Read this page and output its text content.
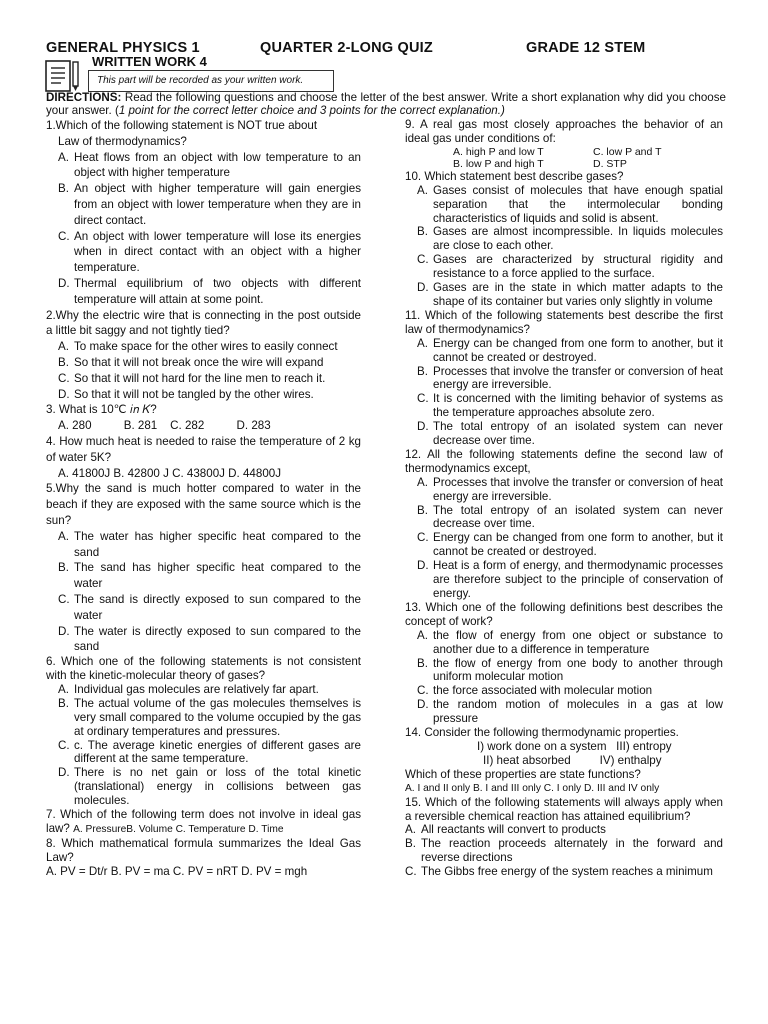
GENERAL PHYSICS 1	QUARTER 2-LONG QUIZ	GRADE 12 STEM
WRITTEN WORK 4
This part will be recorded as your written work.
DIRECTIONS: Read the following questions and choose the letter of the best answer. Write a short explanation why did you choose your answer. (1 point for the correct letter choice and 3 points for the correct explanation.)

1.Which of the following statement is NOT true about

Law of thermodynamics?

A. Heat flows from an object with low temperature to an object with higher temperature
B. An object with higher temperature will gain energies from an object with lower temperature when they are in direct contact.
C. An object with lower temperature will lose its energies when in direct contact with an object with a higher temperature.
D. Thermal equilibrium of two objects with different temperature will attain at some point.

2.Why the electric wire that is connecting in the post outside a little bit saggy and not tightly tied?

A. To make space for the other wires to easily connect
B. So that it will not break once the wire will expand
C. So that it will not hard for the line men to reach it.
D. So that it will not be tangled by the other wires.

3. What is 10℃ 𝑖𝑛 𝐾?

A. 280          B. 281    C. 282          D. 283

4. How much heat is needed to raise the temperature of 2 kg of water 5K?

A. 41800J B. 42800 J C. 43800J D. 44800J

5.Why the sand is much hotter compared to water in the beach if they are exposed with the same source which is the sun?

A. The water has higher specific heat compared to the sand
B. The sand has higher specific heat compared to the water
C. The sand is directly exposed to sun compared to the water
D. The water is directly exposed to sun compared to the sand

6. Which one of the following statements is not consistent with the kinetic-molecular theory of gases?

A. Individual gas molecules are relatively far apart.
B. The actual volume of the gas molecules themselves is very small compared to the volume occupied by the gas at ordinary temperatures and pressures.
C. c. The average kinetic energies of different gases are different at the same temperature.
D. There is no net gain or loss of the total kinetic (translational) energy in collisions between gas molecules.

7. Which of the following term does not involve in ideal gas law? A. PressureB. Volume C. Temperature D. Time

8. Which mathematical formula summarizes the Ideal Gas Law?

A. PV = Dt/r B. PV = ma C. PV = nRT D. PV = mgh

9. A real gas most closely approaches the behavior of an ideal gas under conditions of:

A. high P and low T	C. low P and T
B. low P and high T	D. STP

10. Which statement best describe gases?

A. Gases consist of molecules that have enough spatial separation that the intermolecular bonding characteristics of liquids and solid is absent.
B. Gases are almost incompressible. In liquids molecules are close to each other.
C. Gases are characterized by structural rigidity and resistance to a force applied to the surface.
D. Gases are in the state in which matter adapts to the shape of its container but varies only slightly in volume

11. Which of the following statements best describe the first law of thermodynamics?

A. Energy can be changed from one form to another, but it cannot be created or destroyed.
B. Processes that involve the transfer or conversion of heat energy are irreversible.
C. It is concerned with the limiting behavior of systems as the temperature approaches absolute zero.
D. The total entropy of an isolated system can never decrease over time.

12. All the following statements define the second law of thermodynamics except,

A. Processes that involve the transfer or conversion of heat energy are irreversible.
B. The total entropy of an isolated system can never decrease over time.
C. Energy can be changed from one form to another, but it cannot be created or destroyed.
D. Heat is a form of energy, and thermodynamic processes are therefore subject to the principle of conservation of energy.

13. Which one of the following definitions best describes the concept of work?

A. the flow of energy from one object or substance to another due to a difference in temperature
B. the flow of energy from one body to another through uniform molecular motion
C. the force associated with molecular motion
D. the random motion of molecules in a gas at low pressure

14. Consider the following thermodynamic properties.

I) work done on a system   III) entropy

II) heat absorbed         IV) enthalpy

Which of these properties are state functions?

A. I and II only B. I and III only C. I only D. III and IV only

15. Which of the following statements will always apply when a reversible chemical reaction has attained equilibrium?

A. All reactants will convert to products
B. The reaction proceeds alternately in the forward and reverse directions
C. The Gibbs free energy of the system reaches a minimum
